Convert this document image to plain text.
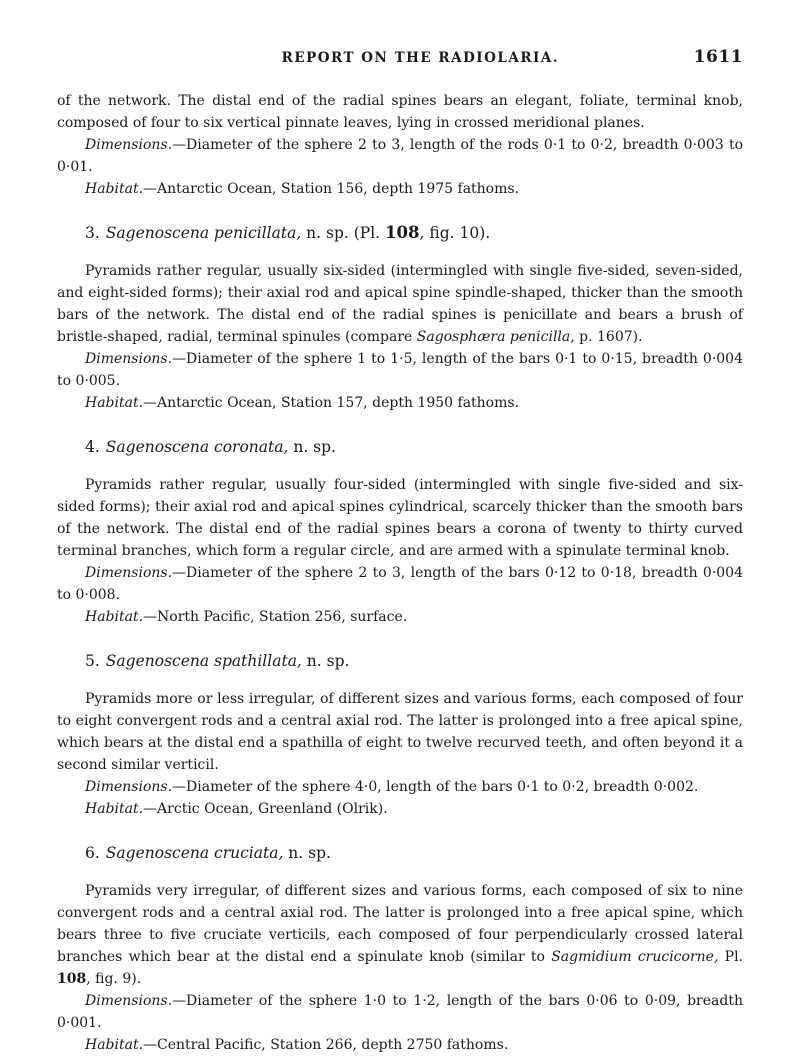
REPORT ON THE RADIOLARIA.	1611

of the network. The distal end of the radial spines bears an elegant, foliate, terminal knob, composed of four to six vertical pinnate leaves, lying in crossed meridional planes.

Dimensions.—Diameter of the sphere 2 to 3, length of the rods 0·1 to 0·2, breadth 0·003 to 0·01.

Habitat.—Antarctic Ocean, Station 156, depth 1975 fathoms.

3. Sagenoscena penicillata, n. sp. (Pl. 108, fig. 10).

Pyramids rather regular, usually six-sided (intermingled with single five-sided, seven-sided, and eight-sided forms); their axial rod and apical spine spindle-shaped, thicker than the smooth bars of the network. The distal end of the radial spines is penicillate and bears a brush of bristle-shaped, radial, terminal spinules (compare Sagosphæra penicilla, p. 1607).

Dimensions.—Diameter of the sphere 1 to 1·5, length of the bars 0·1 to 0·15, breadth 0·004 to 0·005.

Habitat.—Antarctic Ocean, Station 157, depth 1950 fathoms.

4. Sagenoscena coronata, n. sp.

Pyramids rather regular, usually four-sided (intermingled with single five-sided and six-sided forms); their axial rod and apical spines cylindrical, scarcely thicker than the smooth bars of the network. The distal end of the radial spines bears a corona of twenty to thirty curved terminal branches, which form a regular circle, and are armed with a spinulate terminal knob.

Dimensions.—Diameter of the sphere 2 to 3, length of the bars 0·12 to 0·18, breadth 0·004 to 0·008.

Habitat.—North Pacific, Station 256, surface.

5. Sagenoscena spathillata, n. sp.

Pyramids more or less irregular, of different sizes and various forms, each composed of four to eight convergent rods and a central axial rod. The latter is prolonged into a free apical spine, which bears at the distal end a spathilla of eight to twelve recurved teeth, and often beyond it a second similar verticil.

Dimensions.—Diameter of the sphere 4·0, length of the bars 0·1 to 0·2, breadth 0·002.

Habitat.—Arctic Ocean, Greenland (Olrik).

6. Sagenoscena cruciata, n. sp.

Pyramids very irregular, of different sizes and various forms, each composed of six to nine convergent rods and a central axial rod. The latter is prolonged into a free apical spine, which bears three to five cruciate verticils, each composed of four perpendicularly crossed lateral branches which bear at the distal end a spinulate knob (similar to Sagmidium crucicorne, Pl. 108, fig. 9).

Dimensions.—Diameter of the sphere 1·0 to 1·2, length of the bars 0·06 to 0·09, breadth 0·001.

Habitat.—Central Pacific, Station 266, depth 2750 fathoms.
